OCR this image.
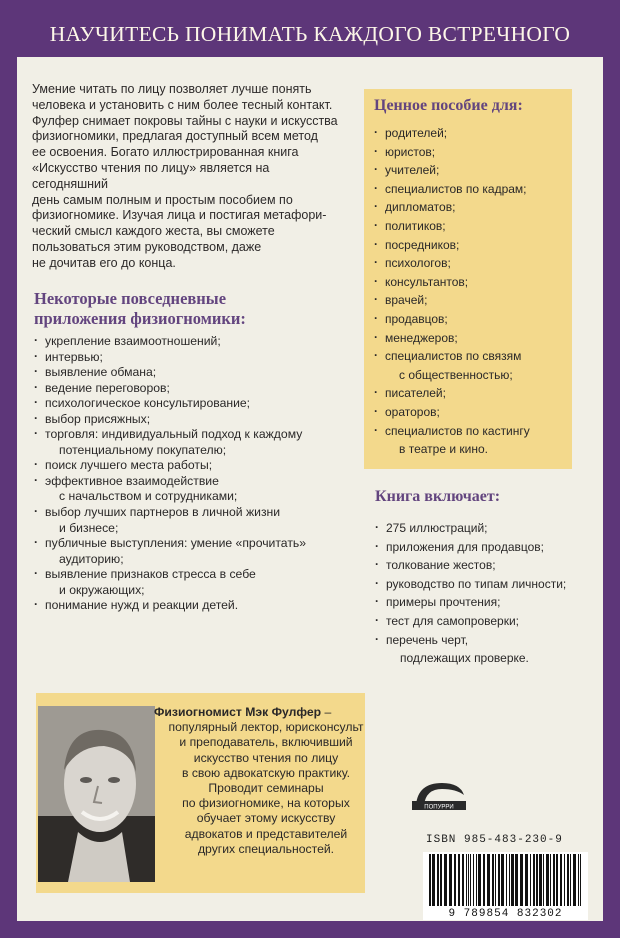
НАУЧИТЕСЬ ПОНИМАТЬ КАЖДОГО ВСТРЕЧНОГО
Умение читать по лицу позволяет лучше понять
человека и установить с ним более тесный контакт.
Фулфер снимает покровы тайны с науки и искусства
физиогномики, предлагая доступный всем метод
ее освоения. Богато иллюстрированная книга
«Искусство чтения по лицу» является на сегодняшний
день самым полным и простым пособием по
физиогномике. Изучая лица и постигая метафори-
ческий смысл каждого жеста, вы сможете
пользоваться этим руководством, даже
не дочитав его до конца.
Некоторые повседневные
приложения физиогномики:
· укрепление взаимоотношений;
· интервью;
· выявление обмана;
· ведение переговоров;
· психологическое консультирование;
· выбор присяжных;
· торговля: индивидуальный подход к каждому
потенциальному покупателю;
· поиск лучшего места работы;
· эффективное взаимодействие
с начальством и сотрудниками;
· выбор лучших партнеров в личной жизни
и бизнесе;
· публичные выступления: умение «прочитать»
аудиторию;
· выявление признаков стресса в себе
и окружающих;
· понимание нужд и реакции детей.
Ценное пособие для:
· родителей;
· юристов;
· учителей;
· специалистов по кадрам;
· дипломатов;
· политиков;
· посредников;
· психологов;
· консультантов;
· врачей;
· продавцов;
· менеджеров;
· специалистов по связям
с общественностью;
· писателей;
· ораторов;
· специалистов по кастингу
в театре и кино.
Книга включает:
· 275 иллюстраций;
· приложения для продавцов;
· толкование жестов;
· руководство по типам личности;
· примеры прочтения;
· тест для самопроверки;
· перечень черт,
подлежащих проверке.
Физиогномист Мэк Фулфер –
популярный лектор, юрисконсульт
и преподаватель, включивший
искусство чтения по лицу
в свою адвокатскую практику.
Проводит семинары
по физиогномике, на которых
обучает этому искусству
адвокатов и представителей
других специальностей.
ПОПУРРИ
ISBN 985-483-230-9
9 789854 832302
